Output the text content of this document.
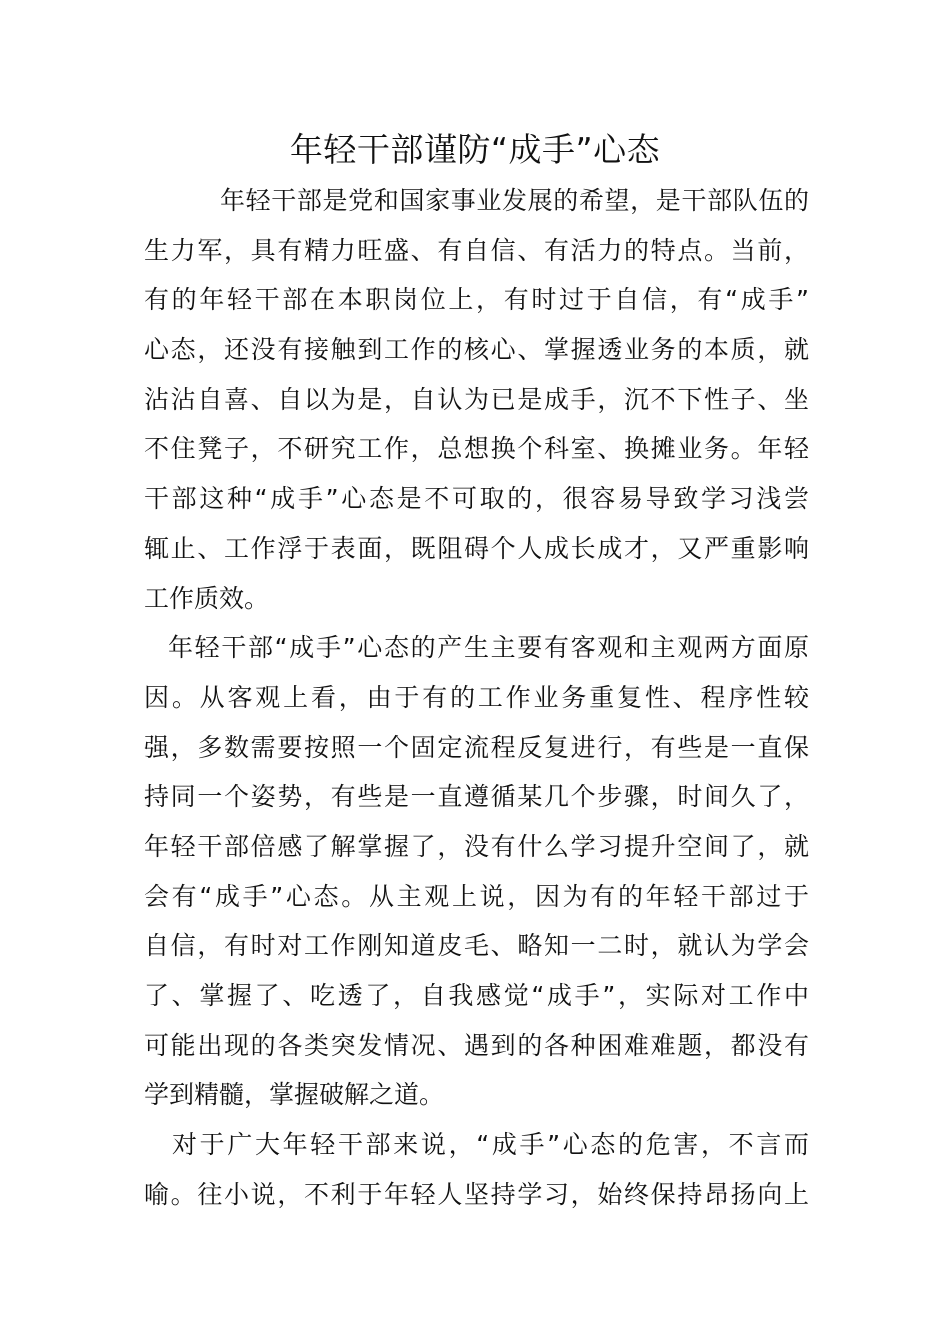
年轻干部谨防“成手”心态
年轻干部是党和国家事业发展的希望，是干部队伍的
生力军，具有精力旺盛、有自信、有活力的特点。当前，
有的年轻干部在本职岗位上，有时过于自信，有“成手”
心态，还没有接触到工作的核心、掌握透业务的本质，就
沾沾自喜、自以为是，自认为已是成手，沉不下性子、坐
不住凳子，不研究工作，总想换个科室、换摊业务。年轻
干部这种“成手”心态是不可取的，很容易导致学习浅尝
辄止、工作浮于表面，既阻碍个人成长成才，又严重影响
工作质效。
年轻干部“成手”心态的产生主要有客观和主观两方面原
因。从客观上看，由于有的工作业务重复性、程序性较
强，多数需要按照一个固定流程反复进行，有些是一直保
持同一个姿势，有些是一直遵循某几个步骤，时间久了，
年轻干部倍感了解掌握了，没有什么学习提升空间了，就
会有“成手”心态。从主观上说，因为有的年轻干部过于
自信，有时对工作刚知道皮毛、略知一二时，就认为学会
了、掌握了、吃透了，自我感觉“成手”，实际对工作中
可能出现的各类突发情况、遇到的各种困难难题，都没有
学到精髓，掌握破解之道。
对于广大年轻干部来说，“成手”心态的危害，不言而
喻。往小说，不利于年轻人坚持学习，始终保持昂扬向上
